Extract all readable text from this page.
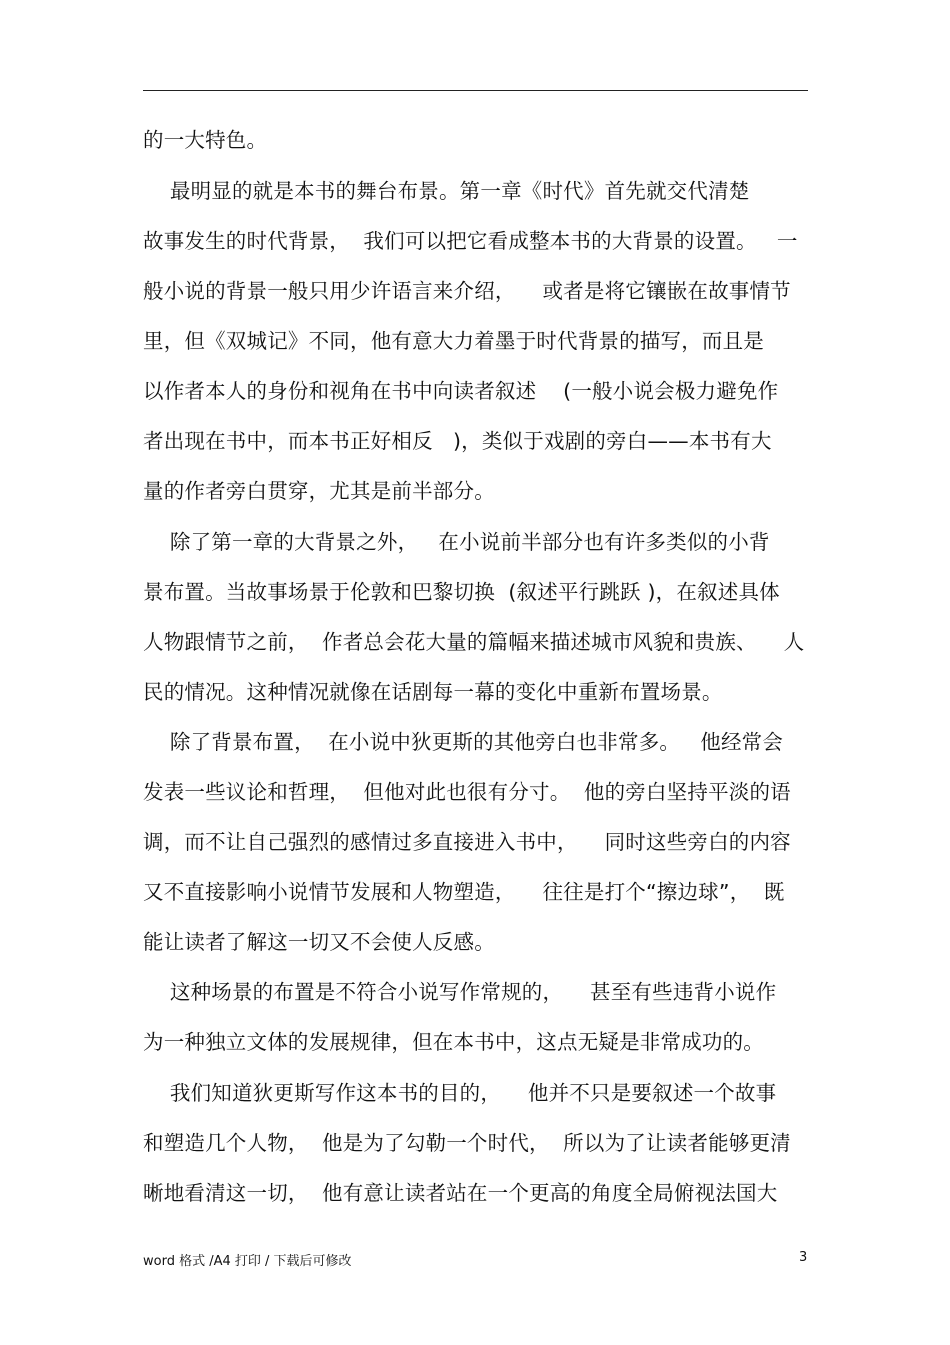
的一大特色。
最明显的就是本书的舞台布景。第一章《时代》首先就交代清楚
故事发生的时代背景，  我们可以把它看成整本书的大背景的设置。   一
般小说的背景一般只用少许语言来介绍，    或者是将它镶嵌在故事情节
里，但《双城记》不同，他有意大力着墨于时代背景的描写，而且是
以作者本人的身份和视角在书中向读者叙述    (一般小说会极力避免作
者出现在书中，而本书正好相反   )，类似于戏剧的旁白——本书有大
量的作者旁白贯穿，尤其是前半部分。
除了第一章的大背景之外，   在小说前半部分也有许多类似的小背
景布置。当故事场景于伦敦和巴黎切换  (叙述平行跳跃 )，在叙述具体
人物跟情节之前，  作者总会花大量的篇幅来描述城市风貌和贵族、    人
民的情况。这种情况就像在话剧每一幕的变化中重新布置场景。
除了背景布置，  在小说中狄更斯的其他旁白也非常多。   他经常会
发表一些议论和哲理，  但他对此也很有分寸。  他的旁白坚持平淡的语
调，而不让自己强烈的感情过多直接进入书中，    同时这些旁白的内容
又不直接影响小说情节发展和人物塑造，    往往是打个“擦边球”，  既
能让读者了解这一切又不会使人反感。
这种场景的布置是不符合小说写作常规的，    甚至有些违背小说作
为一种独立文体的发展规律，但在本书中，这点无疑是非常成功的。
我们知道狄更斯写作这本书的目的，    他并不只是要叙述一个故事
和塑造几个人物，  他是为了勾勒一个时代，  所以为了让读者能够更清
晰地看清这一切，  他有意让读者站在一个更高的角度全局俯视法国大
word 格式 /A4 打印 / 下载后可修改	3
